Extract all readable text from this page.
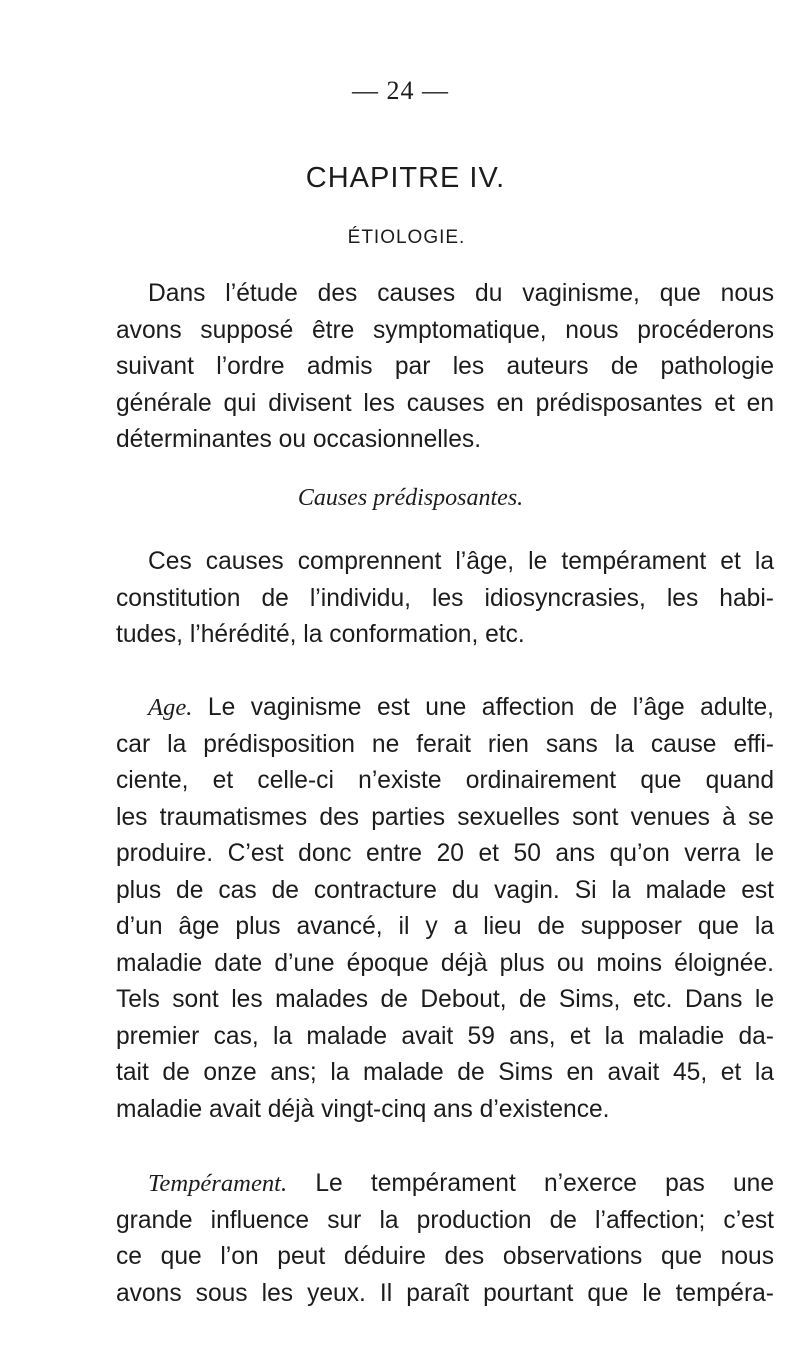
— 24 —
CHAPITRE IV.
ÉTIOLOGIE.
Dans l’étude des causes du vaginisme, que nous
avons supposé être symptomatique, nous procéderons
suivant l’ordre admis par les auteurs de pathologie
générale qui divisent les causes en prédisposantes et en
déterminantes ou occasionnelles.
Causes prédisposantes.
Ces causes comprennent l’âge, le tempérament et la
constitution de l’individu, les idiosyncrasies, les habi-
tudes, l’hérédité, la conformation, etc.
Age. Le vaginisme est une affection de l’âge adulte,
car la prédisposition ne ferait rien sans la cause effi-
ciente, et celle-ci n’existe ordinairement que quand
les traumatismes des parties sexuelles sont venues à se
produire. C’est donc entre 20 et 50 ans qu’on verra le
plus de cas de contracture du vagin. Si la malade est
d’un âge plus avancé, il y a lieu de supposer que la
maladie date d’une époque déjà plus ou moins éloignée.
Tels sont les malades de Debout, de Sims, etc. Dans le
premier cas, la malade avait 59 ans, et la maladie da-
tait de onze ans; la malade de Sims en avait 45, et la
maladie avait déjà vingt-cinq ans d’existence.
Tempérament. Le tempérament n’exerce pas une
grande influence sur la production de l’affection; c’est
ce que l’on peut déduire des observations que nous
avons sous les yeux. Il paraît pourtant que le tempéra-
